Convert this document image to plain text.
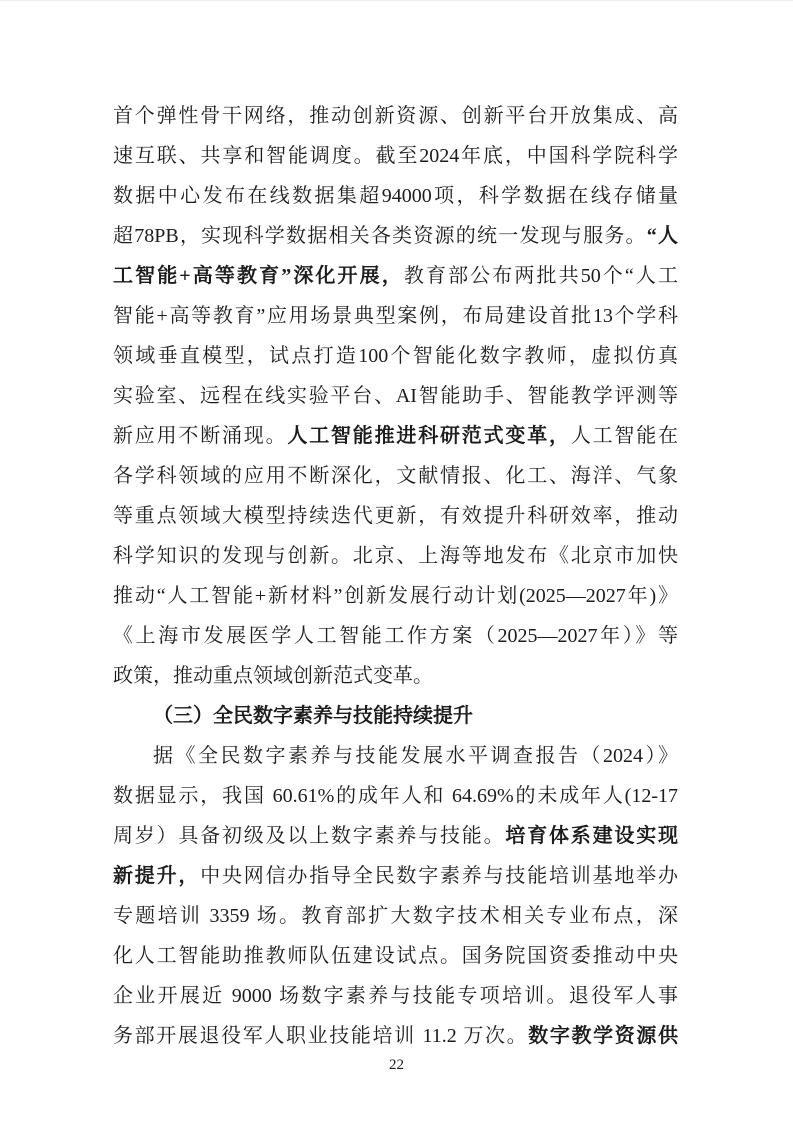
首个弹性骨干网络，推动创新资源、创新平台开放集成、高
速互联、共享和智能调度。截至2024年底，中国科学院科学
数据中心发布在线数据集超94000项，科学数据在线存储量
超78PB，实现科学数据相关各类资源的统一发现与服务。“人
工智能+高等教育”深化开展，教育部公布两批共50个“人工
智能+高等教育”应用场景典型案例，布局建设首批13个学科
领域垂直模型，试点打造100个智能化数字教师，虚拟仿真
实验室、远程在线实验平台、AI智能助手、智能教学评测等
新应用不断涌现。人工智能推进科研范式变革，人工智能在
各学科领域的应用不断深化，文献情报、化工、海洋、气象
等重点领域大模型持续迭代更新，有效提升科研效率，推动
科学知识的发现与创新。北京、上海等地发布《北京市加快
推动“人工智能+新材料”创新发展行动计划(2025—2027年)》
《上海市发展医学人工智能工作方案（2025—2027年）》等
政策，推动重点领域创新范式变革。
（三）全民数字素养与技能持续提升
据《全民数字素养与技能发展水平调查报告（2024）》
数据显示，我国 60.61%的成年人和 64.69%的未成年人(12-17
周岁）具备初级及以上数字素养与技能。培育体系建设实现
新提升，中央网信办指导全民数字素养与技能培训基地举办
专题培训 3359 场。教育部扩大数字技术相关专业布点，深
化人工智能助推教师队伍建设试点。国务院国资委推动中央
企业开展近 9000 场数字素养与技能专项培训。退役军人事
务部开展退役军人职业技能培训 11.2 万次。数字教学资源供
22
